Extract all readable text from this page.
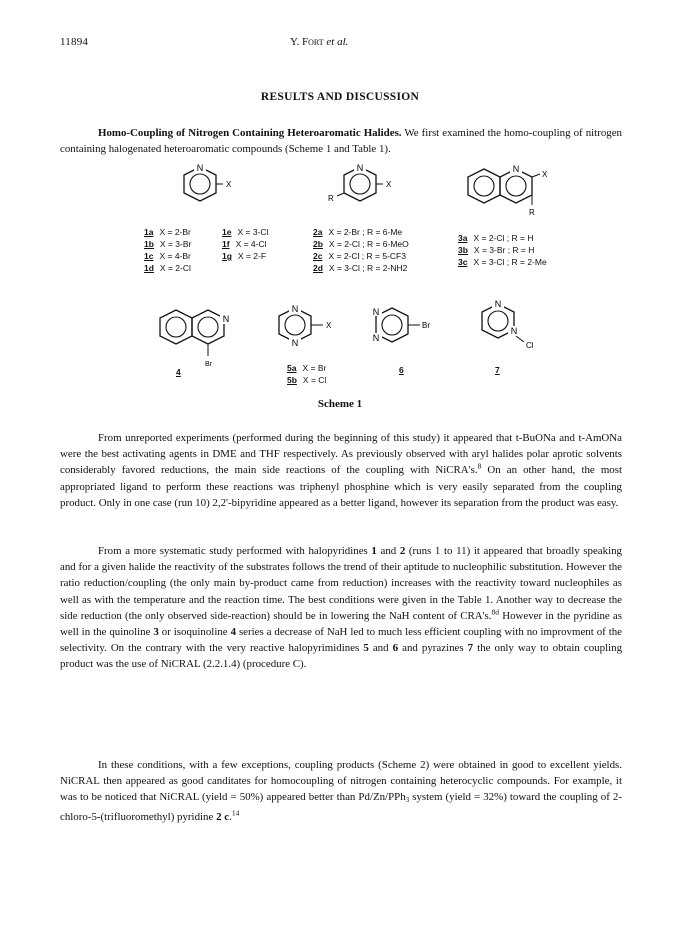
11894	Y. Fort et al.
RESULTS AND DISCUSSION
Homo-Coupling of Nitrogen Containing Heteroaromatic Halides. We first examined the homo-coupling of nitrogen containing halogenated heteroaromatic compounds (Scheme 1 and Table 1).
N
X
N
X
R
N
X
R
1a X = 2-Br
1b X = 3-Br
1c X = 4-Br
1d X = 2-Cl
1e X = 3-Cl
1f X = 4-Cl
1g X = 2-F
2a X = 2-Br ; R = 6-Me
2b X = 2-Cl ; R = 6-MeO
2c X = 2-Cl ; R = 5-CF3
2d X = 3-Cl ; R = 2-NH2
3a X = 2-Cl ; R = H
3b X = 3-Br ; R = H
3c X = 3-Cl ; R = 2-Me
N
Br
N
N
X
N
N
Br
N
N
Cl
4	5a X = Br
5b X = Cl
6	7
Scheme 1
From unreported experiments (performed during the beginning of this study) it appeared that t-BuONa and t-AmONa were the best activating agents in DME and THF respectively. As previously observed with aryl halides polar aprotic solvents considerably favored reductions, the main side reactions of the coupling with NiCRA's.$^8$ On an other hand, the most appropriated ligand to perform these reactions was triphenyl phosphine which is very easily separated from the coupling product. Only in one case (run 10) 2,2'-bipyridine appeared as a better ligand, however its separation from the product was easy.
From a more systematic study performed with halopyridines 1 and 2 (runs 1 to 11) it appeared that broadly speaking and for a given halide the reactivity of the substrates follows the trend of their aptitude to nucleophilic substitution. However the ratio reduction/coupling (the only main by-product came from reduction) increases with the reactivity toward nucleophiles as well as with the temperature and the reaction time. The best conditions were given in the Table 1. Another way to decrease the side reduction (the only observed side-reaction) should be in lowering the NaH content of CRA's.$^{8d}$ However in the pyridine as well in the quinoline 3 or isoquinoline 4 series a decrease of NaH led to much less efficient coupling with no improvment of the selectivity. On the contrary with the very reactive halopyrimidines 5 and 6 and pyrazines 7 the only way to obtain coupling product was the use of NiCRAL (2.2.1.4) (procedure C).
In these conditions, with a few exceptions, coupling products (Scheme 2) were obtained in good to excellent yields. NiCRAL then appeared as good canditates for homocoupling of nitrogen containing heterocyclic compounds. For example, it was to be noticed that NiCRAL (yield = 50%) appeared better than Pd/Zn/PPh$_3$ system (yield = 32%) toward the coupling of 2-chloro-5-(trifluoromethyl) pyridine 2 c.$^{14}$
